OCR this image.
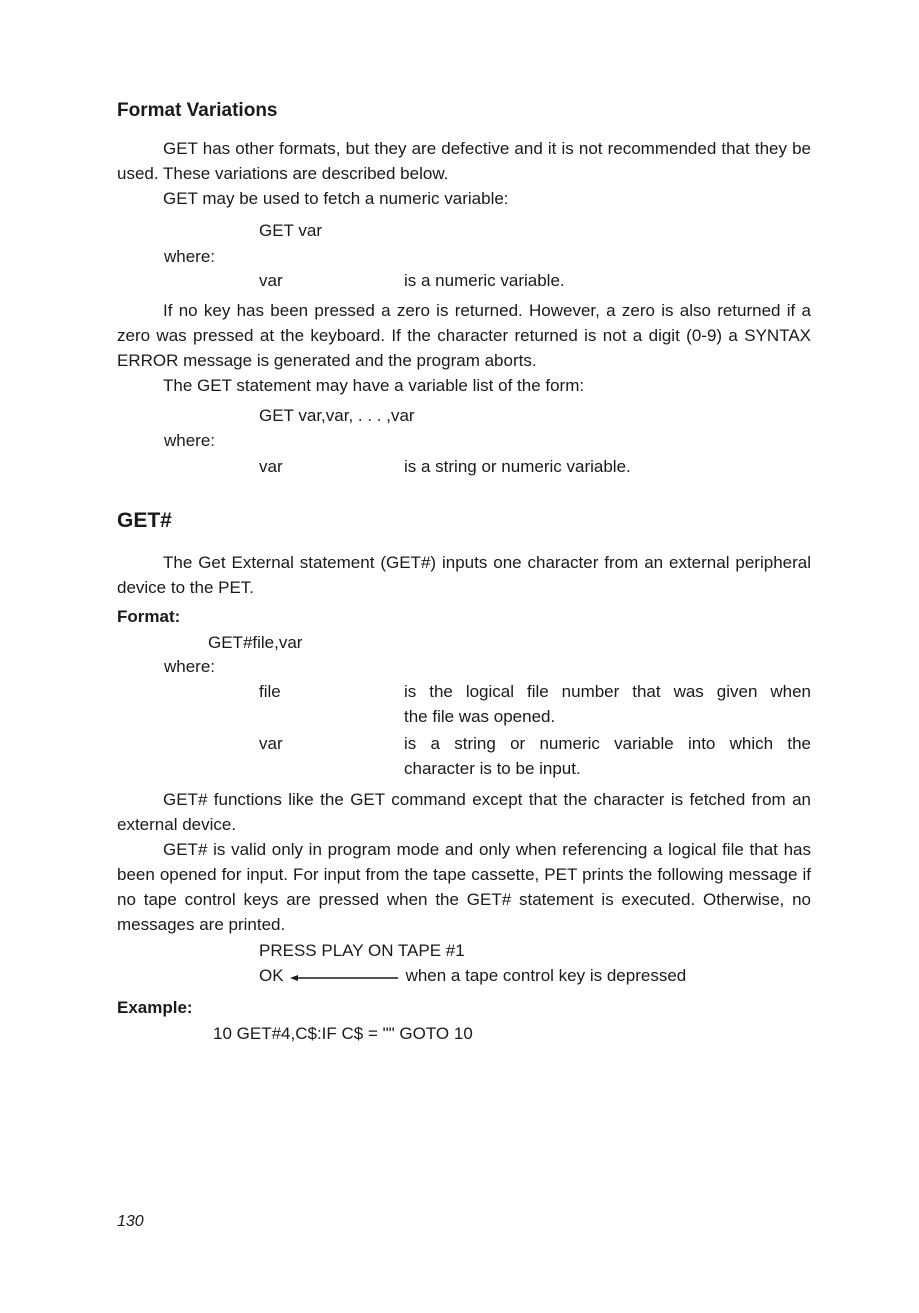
Format Variations

GET has other formats, but they are defective and it is not recommended that they be used. These variations are described below.

GET may be used to fetch a numeric variable:

GET var
where:
var	is a numeric variable.

If no key has been pressed a zero is returned. However, a zero is also returned if a zero was pressed at the keyboard. If the character returned is not a digit (0-9) a SYNTAX ERROR message is generated and the program aborts.

The GET statement may have a variable list of the form:

GET var,var, . . . ,var
where:
var	is a string or numeric variable.
GET#

The Get External statement (GET#) inputs one character from an external peripheral device to the PET.

Format:
GET#file,var
where:
file	is the logical file number that was given when
the file was opened.
var	is a string or numeric variable into which the
character is to be input.

GET# functions like the GET command except that the character is fetched from an external device.

GET# is valid only in program mode and only when referencing a logical file that has been opened for input. For input from the tape cassette, PET prints the following message if no tape control keys are pressed when the GET# statement is executed. Otherwise, no messages are printed.

PRESS PLAY ON TAPE #1
OK	when a tape control key is depressed
Example:
10 GET#4,C$:IF C$ = "" GOTO 10
130
